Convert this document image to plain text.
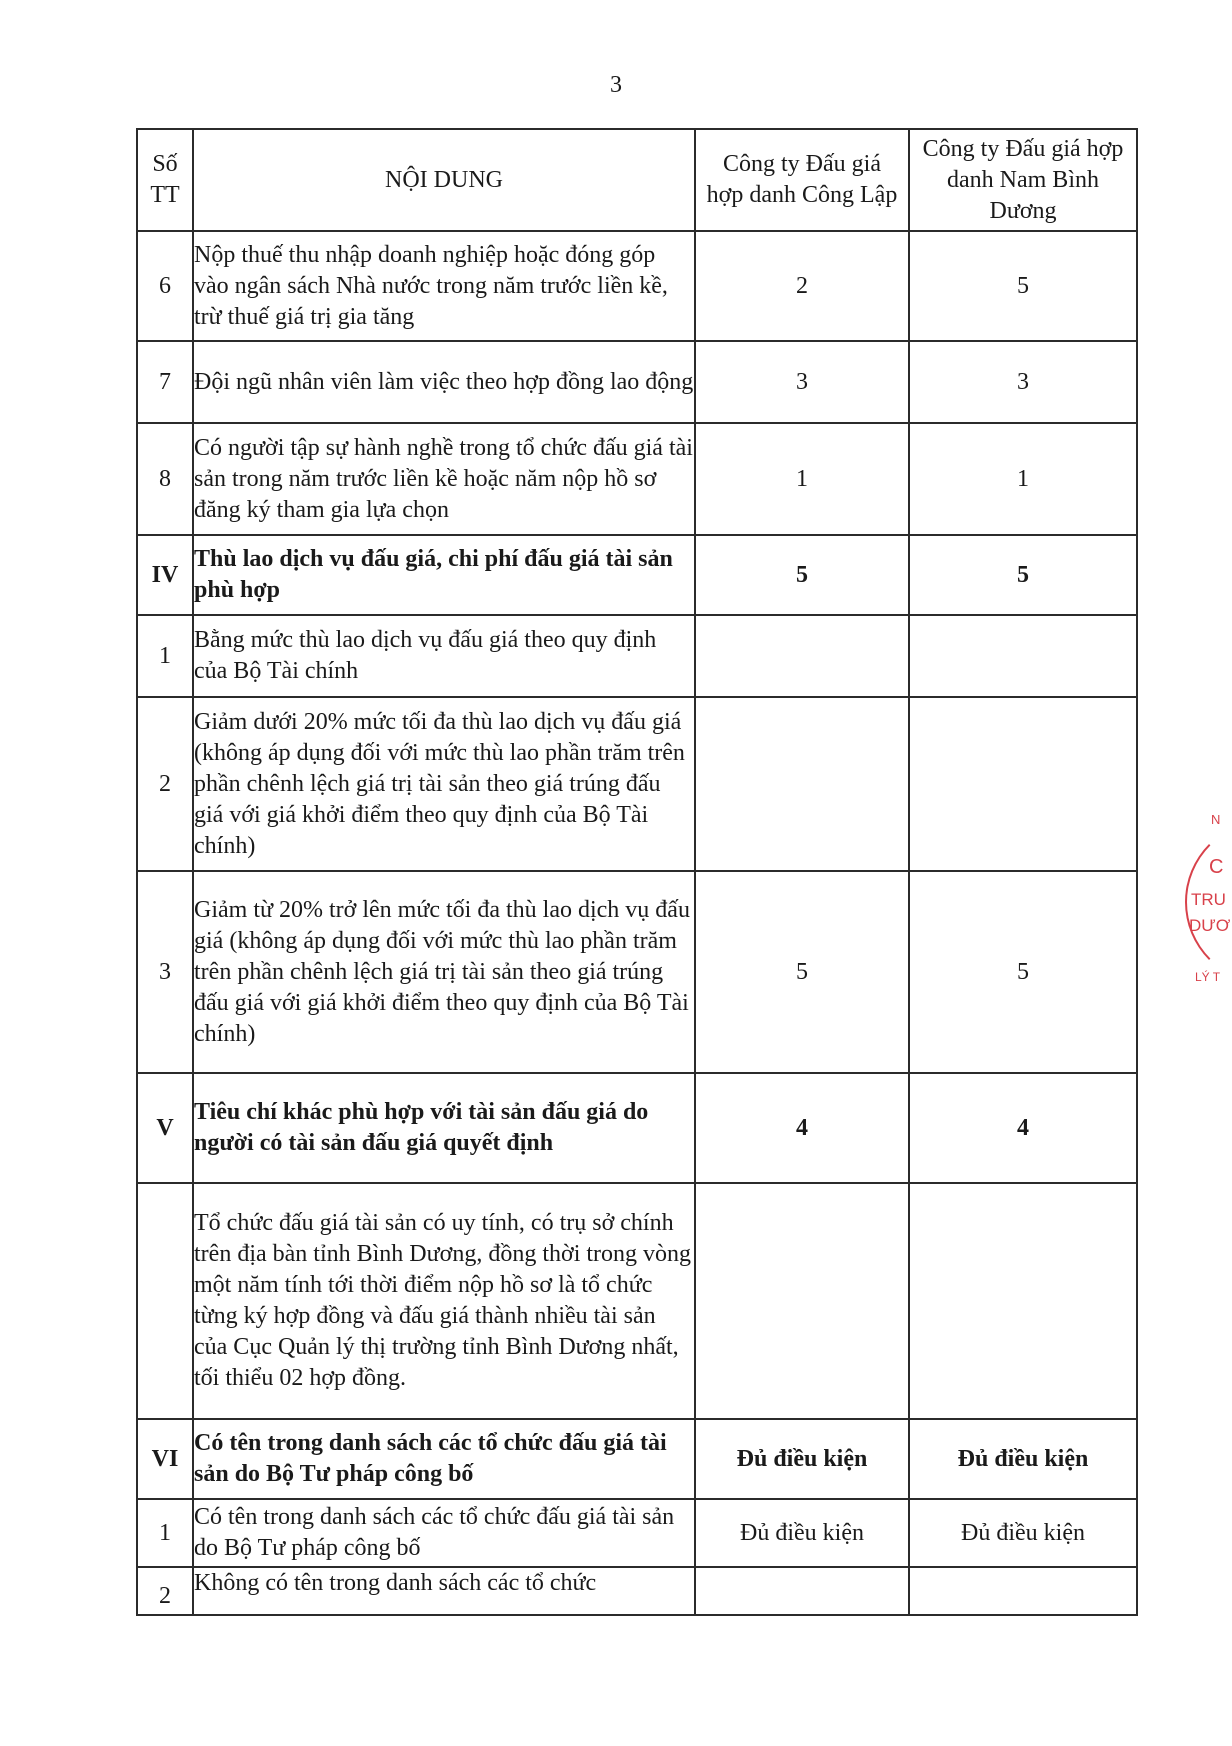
3
Số TT	NỘI DUNG	Công ty Đấu giá hợp danh Công Lập	Công ty Đấu giá hợp danh Nam Bình Dương
6	Nộp thuế thu nhập doanh nghiệp hoặc đóng góp vào ngân sách Nhà nước trong năm trước liền kề, trừ thuế giá trị gia tăng	2	5
7	Đội ngũ nhân viên làm việc theo hợp đồng lao động	3	3
8	Có người tập sự hành nghề trong tổ chức đấu giá tài sản trong năm trước liền kề hoặc năm nộp hồ sơ đăng ký tham gia lựa chọn	1	1
IV	Thù lao dịch vụ đấu giá, chi phí đấu giá tài sản phù hợp	5	5
1	Bằng mức thù lao dịch vụ đấu giá theo quy định của Bộ Tài chính		
2	Giảm dưới 20% mức tối đa thù lao dịch vụ đấu giá (không áp dụng đối với mức thù lao phần trăm trên phần chênh lệch giá trị tài sản theo giá trúng đấu giá với giá khởi điểm theo quy định của Bộ Tài chính)		
3	Giảm từ 20% trở lên mức tối đa thù lao dịch vụ đấu giá (không áp dụng đối với mức thù lao phần trăm trên phần chênh lệch giá trị tài sản theo giá trúng đấu giá với giá khởi điểm theo quy định của Bộ Tài chính)	5	5
V	Tiêu chí khác phù hợp với tài sản đấu giá do người có tài sản đấu giá quyết định	4	4
	Tổ chức đấu giá tài sản có uy tính, có trụ sở chính trên địa bàn tỉnh Bình Dương, đồng thời trong vòng một năm tính tới thời điểm nộp hồ sơ là tổ chức từng ký hợp đồng và đấu giá thành nhiều tài sản của Cục Quản lý thị trường tỉnh Bình Dương nhất, tối thiểu 02 hợp đồng.		
VI	Có tên trong danh sách các tổ chức đấu giá tài sản do Bộ Tư pháp công bố	Đủ điều kiện	Đủ điều kiện
1	Có tên trong danh sách các tổ chức đấu giá tài sản do Bộ Tư pháp công bố	Đủ điều kiện	Đủ điều kiện
2	Không có tên trong danh sách các tổ chức		
N
C
TRU
DƯƠ
LÝ T
